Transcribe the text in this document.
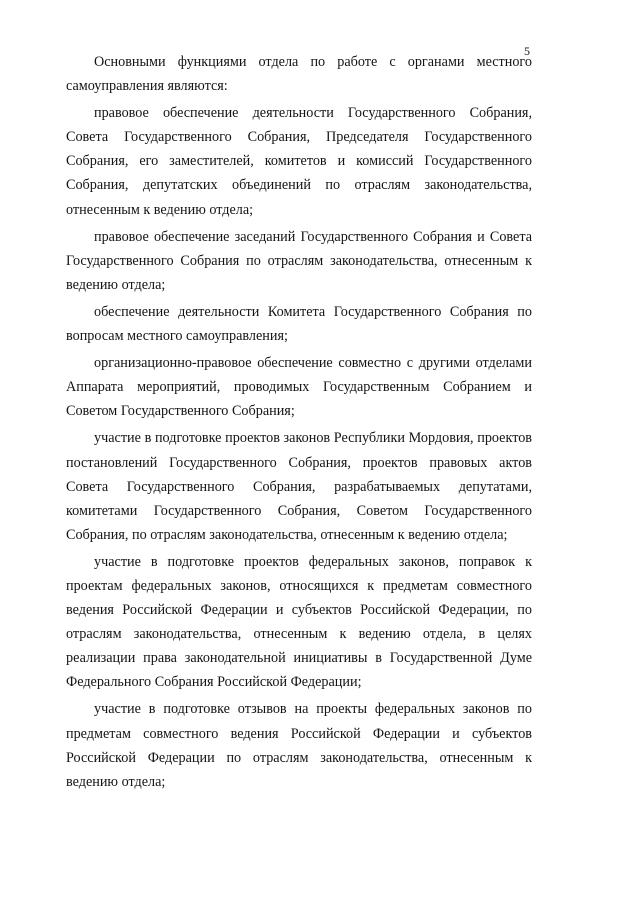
5

Основными функциями отдела по работе с органами местного самоуправления являются:

правовое обеспечение деятельности Государственного Собрания, Совета Государственного Собрания, Председателя Государственного Собрания, его заместителей, комитетов и комиссий Государственного Собрания, депутатских объединений по отраслям законодательства, отнесенным к ведению отдела;

правовое обеспечение заседаний Государственного Собрания и Совета Государственного Собрания по отраслям законодательства, отнесенным к ведению отдела;

обеспечение деятельности Комитета Государственного Собрания по вопросам местного самоуправления;

организационно-правовое обеспечение совместно с другими отделами Аппарата мероприятий, проводимых Государственным Собранием и Советом Государственного Собрания;

участие в подготовке проектов законов Республики Мордовия, проектов постановлений Государственного Собрания, проектов правовых актов Совета Государственного Собрания, разрабатываемых депутатами, комитетами Государственного Собрания, Советом Государственного Собрания, по отраслям законодательства, отнесенным к ведению отдела;

участие в подготовке проектов федеральных законов, поправок к проектам федеральных законов, относящихся к предметам совместного ведения Российской Федерации и субъектов Российской Федерации, по отраслям законодательства, отнесенным к ведению отдела, в целях реализации права законодательной инициативы в Государственной Думе Федерального Собрания Российской Федерации;

участие в подготовке отзывов на проекты федеральных законов по предметам совместного ведения Российской Федерации и субъектов Российской Федерации по отраслям законодательства, отнесенным к ведению отдела;
